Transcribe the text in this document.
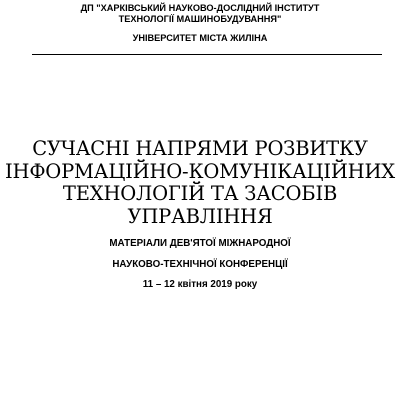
ДП "ХАРКІВСЬКИЙ НАУКОВО-ДОСЛІДНИЙ ІНСТИТУТ
ТЕХНОЛОГІЇ МАШИНОБУДУВАННЯ"
УНІВЕРСИТЕТ МІСТА ЖИЛІНА
СУЧАСНІ НАПРЯМИ РОЗВИТКУ
ІНФОРМАЦІЙНО-КОМУНІКАЦІЙНИХ
ТЕХНОЛОГІЙ ТА ЗАСОБІВ
УПРАВЛІННЯ
МАТЕРІАЛИ ДЕВ'ЯТОЇ МІЖНАРОДНОЇ
НАУКОВО-ТЕХНІЧНОЇ КОНФЕРЕНЦІЇ
11 – 12 квітня 2019 року
